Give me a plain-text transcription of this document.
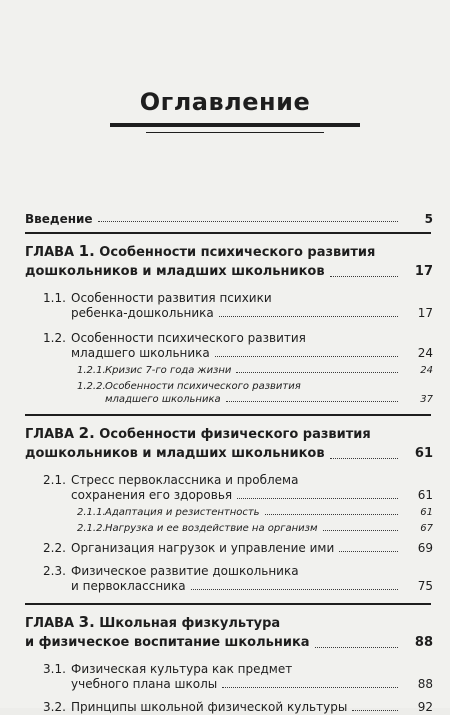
Оглавление
Введение	5
ГЛАВА 1. Особенности психического развития
дошкольников и младших школьников	17
1.1. Особенности развития психики
ребенка-дошкольника	17
1.2. Особенности психического развития
младшего школьника	24
1.2.1.Кризис 7-го года жизни	24
1.2.2.Особенности психического развития
младшего школьника	37
ГЛАВА 2. Особенности физического развития
дошкольников и младших школьников	61
2.1. Стресс первоклассника и проблема
сохранения его здоровья	61
2.1.1.Адаптация и резистентность	61
2.1.2.Нагрузка и ее воздействие на организм	67
2.2. Организация нагрузок и управление ими	69
2.3. Физическое развитие дошкольника
и первоклассника	75
ГЛАВА 3. Школьная физкультура
и физическое воспитание школьника	88
3.1. Физическая культура как предмет
учебного плана школы	88
3.2. Принципы школьной физической культуры	92
